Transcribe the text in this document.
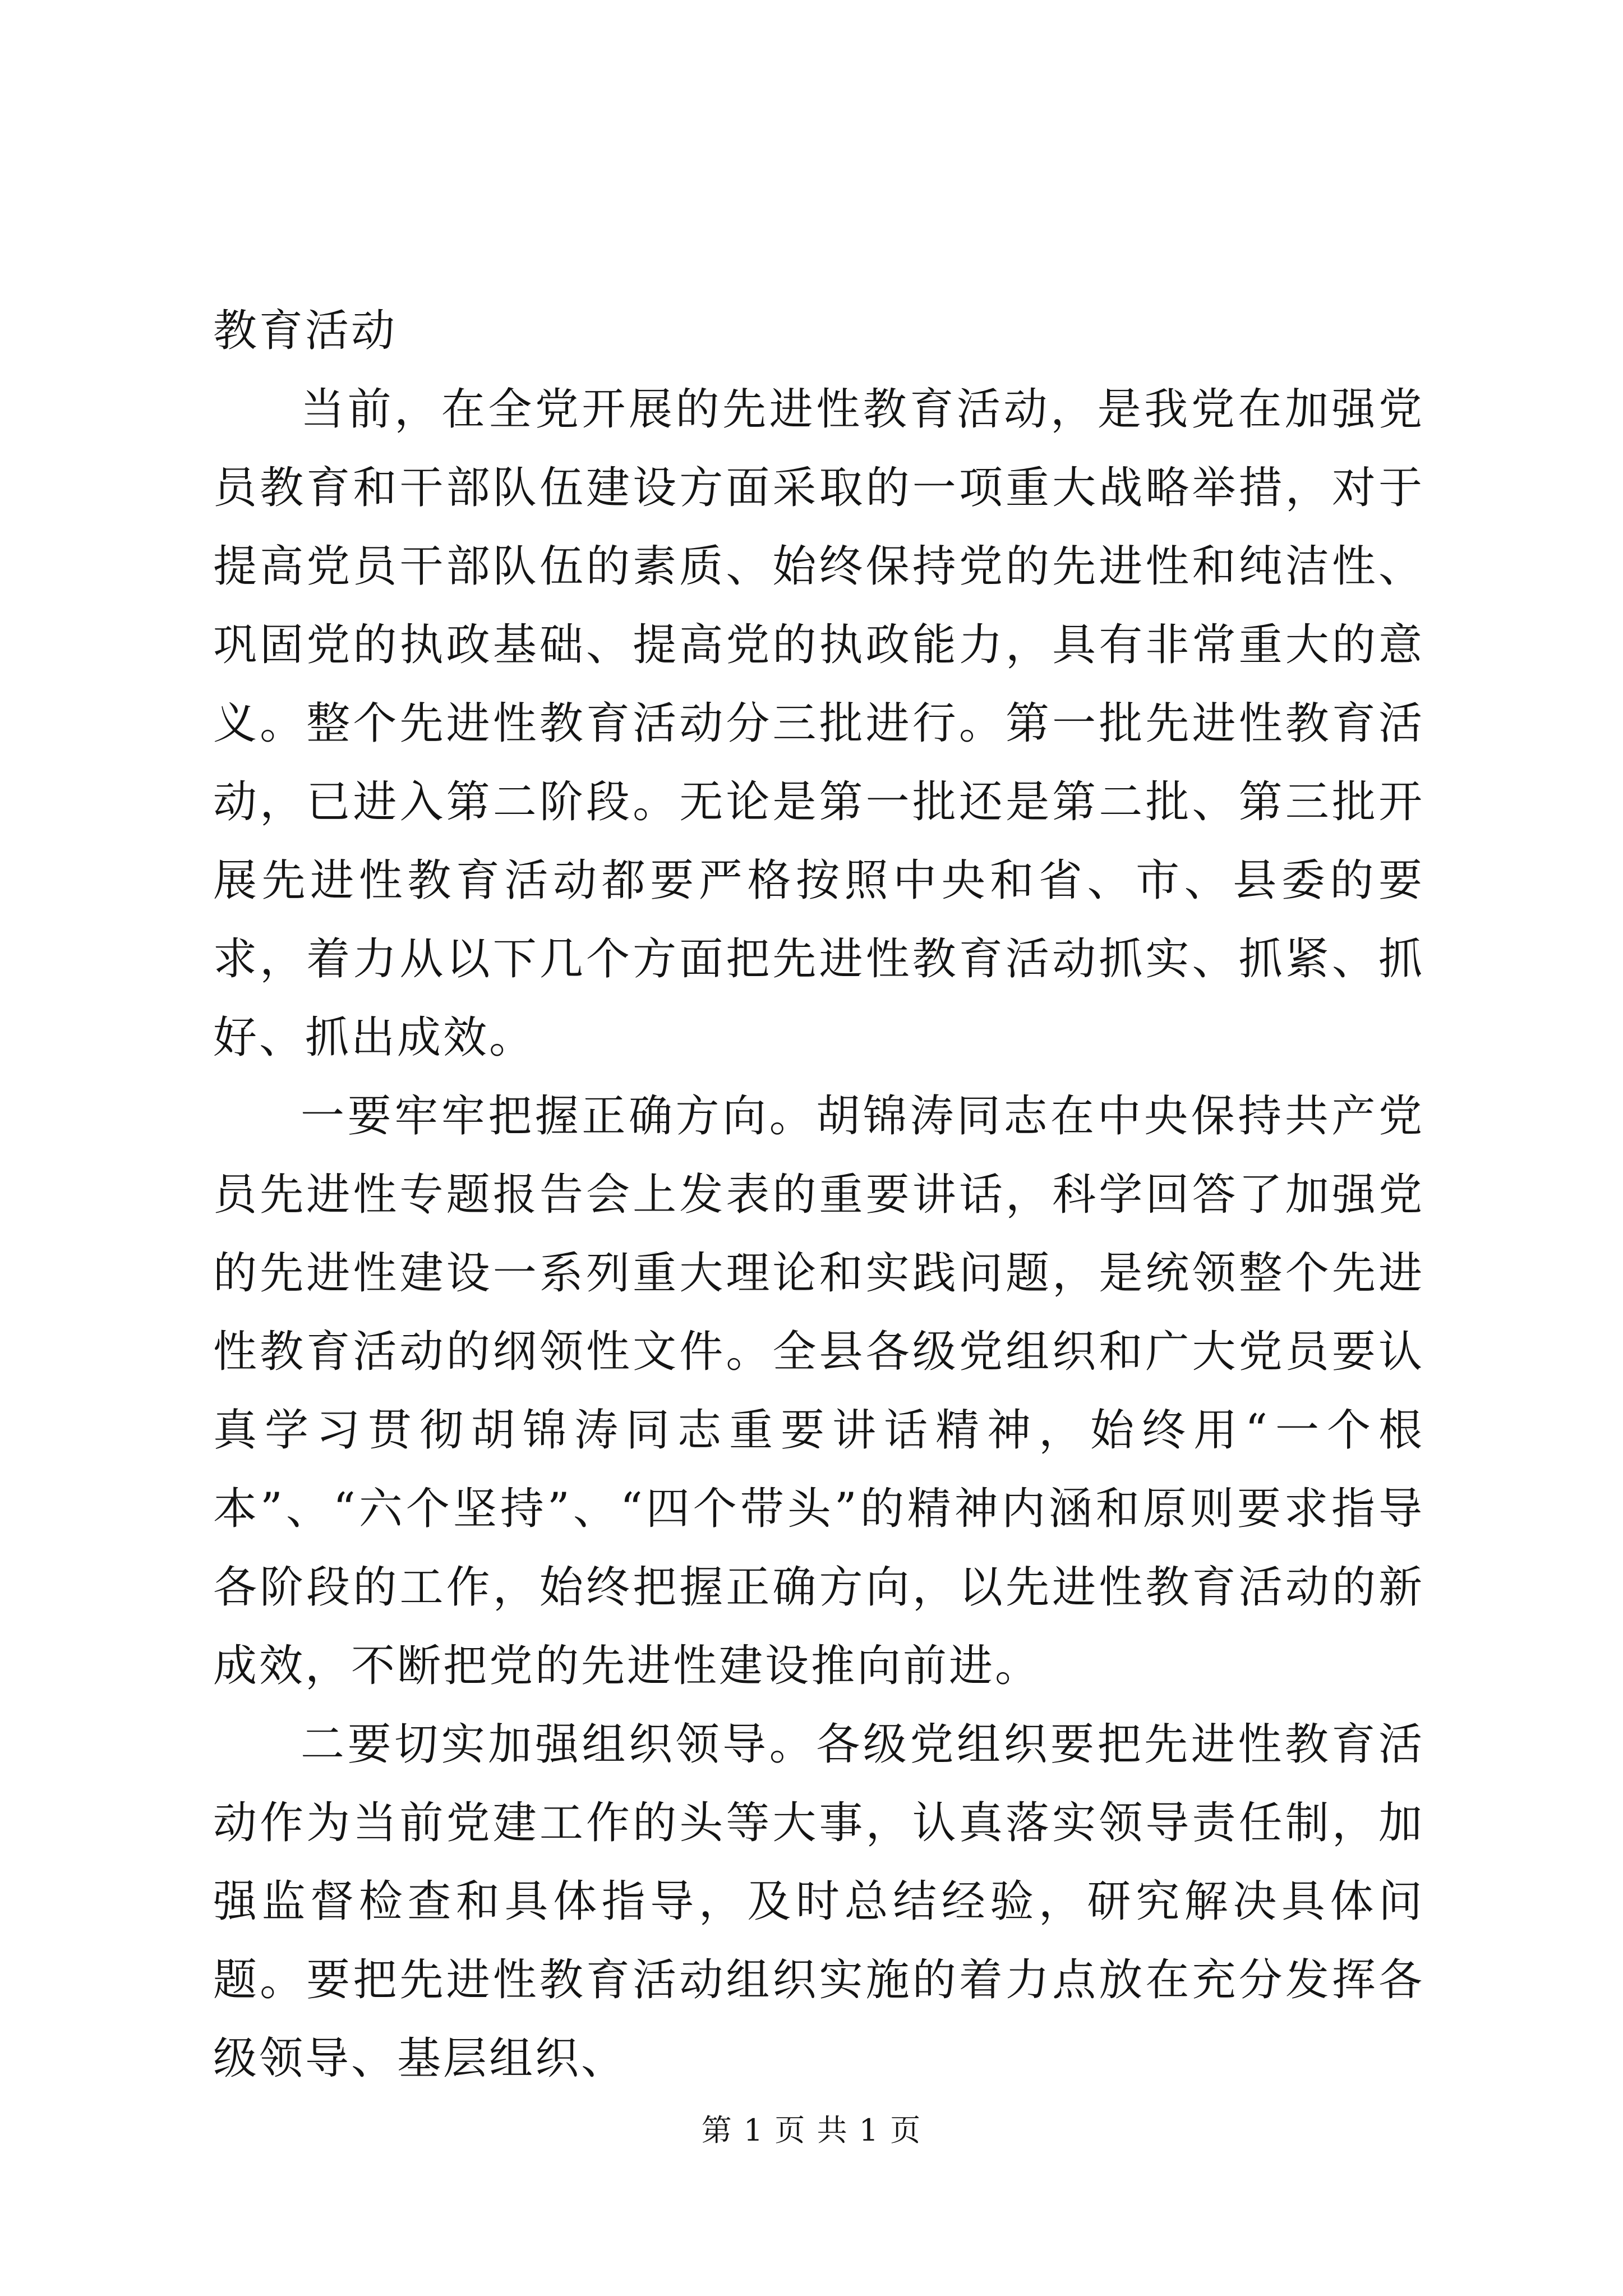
教育活动

当前，在全党开展的先进性教育活动，是我党在加强党员教育和干部队伍建设方面采取的一项重大战略举措，对于提高党员干部队伍的素质、始终保持党的先进性和纯洁性、巩固党的执政基础、提高党的执政能力，具有非常重大的意义。整个先进性教育活动分三批进行。第一批先进性教育活动，已进入第二阶段。无论是第一批还是第二批、第三批开展先进性教育活动都要严格按照中央和省、市、县委的要求，着力从以下几个方面把先进性教育活动抓实、抓紧、抓好、抓出成效。

一要牢牢把握正确方向。胡锦涛同志在中央保持共产党员先进性专题报告会上发表的重要讲话，科学回答了加强党的先进性建设一系列重大理论和实践问题，是统领整个先进性教育活动的纲领性文件。全县各级党组织和广大党员要认真学习贯彻胡锦涛同志重要讲话精神，始终用“一个根本”、“六个坚持”、“四个带头”的精神内涵和原则要求指导各阶段的工作，始终把握正确方向，以先进性教育活动的新成效，不断把党的先进性建设推向前进。

二要切实加强组织领导。各级党组织要把先进性教育活动作为当前党建工作的头等大事，认真落实领导责任制，加强监督检查和具体指导，及时总结经验，研究解决具体问题。要把先进性教育活动组织实施的着力点放在充分发挥各级领导、基层组织、

第 1 页 共 1 页
